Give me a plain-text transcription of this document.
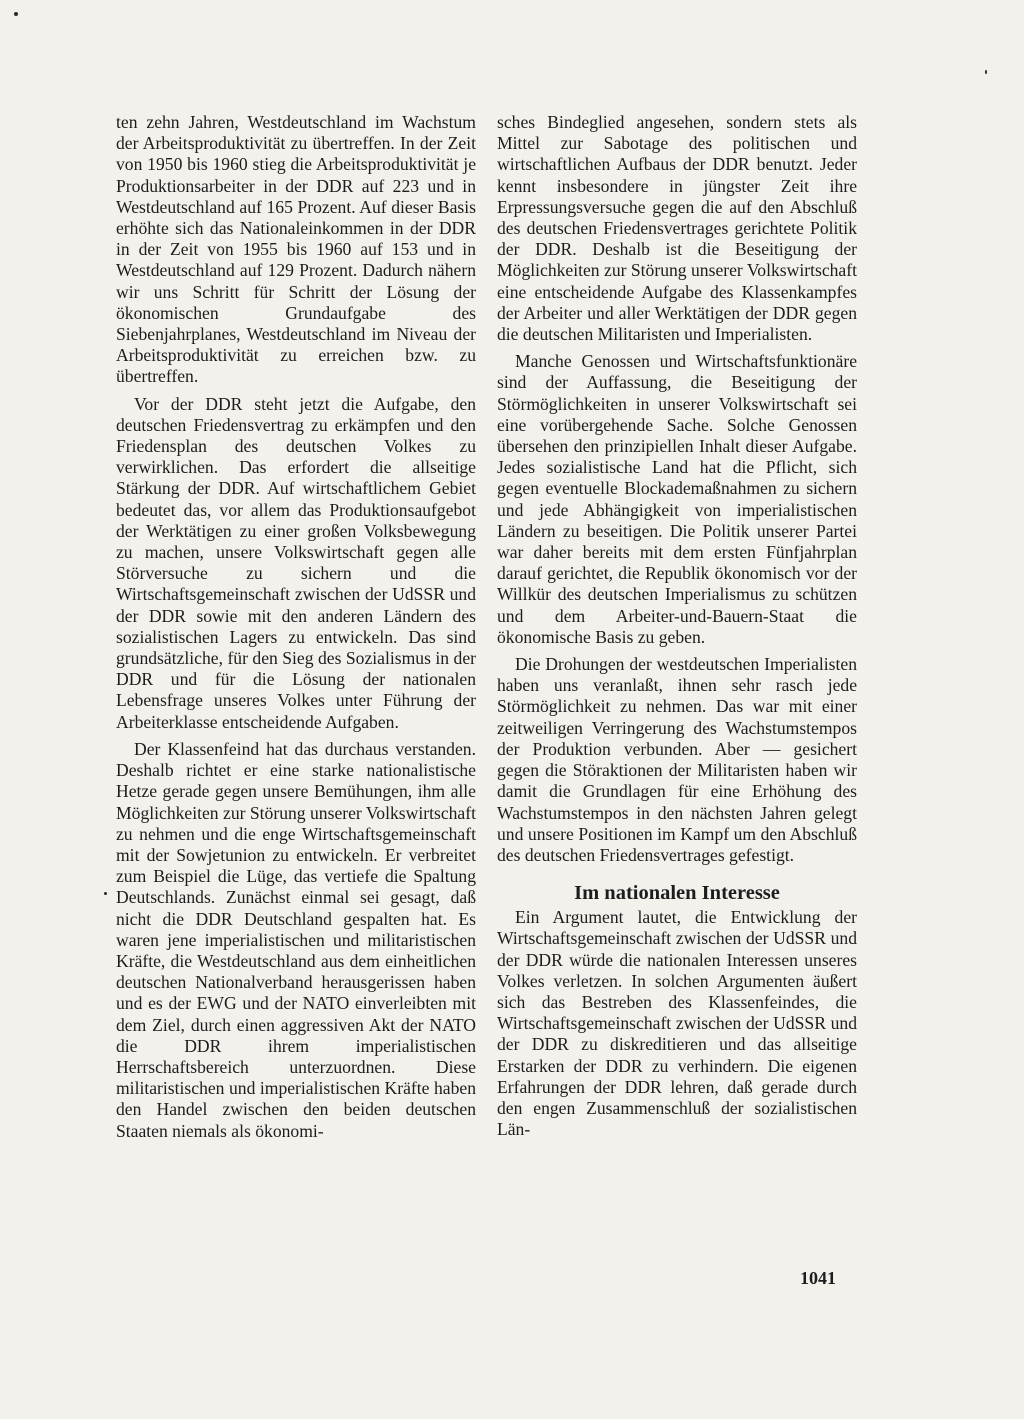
ten zehn Jahren, Westdeutschland im Wachstum der Arbeitsproduktivität zu übertreffen. In der Zeit von 1950 bis 1960 stieg die Arbeitsproduktivität je Produktionsarbeiter in der DDR auf 223 und in Westdeutschland auf 165 Prozent. Auf dieser Basis erhöhte sich das Nationaleinkommen in der DDR in der Zeit von 1955 bis 1960 auf 153 und in Westdeutschland auf 129 Prozent. Dadurch nähern wir uns Schritt für Schritt der Lösung der ökonomischen Grundaufgabe des Siebenjahrplanes, Westdeutschland im Niveau der Arbeitsproduktivität zu erreichen bzw. zu übertreffen.

Vor der DDR steht jetzt die Aufgabe, den deutschen Friedensvertrag zu erkämpfen und den Friedensplan des deutschen Volkes zu verwirklichen. Das erfordert die allseitige Stärkung der DDR. Auf wirtschaftlichem Gebiet bedeutet das, vor allem das Produktionsaufgebot der Werktätigen zu einer großen Volksbewegung zu machen, unsere Volkswirtschaft gegen alle Störversuche zu sichern und die Wirtschaftsgemeinschaft zwischen der UdSSR und der DDR sowie mit den anderen Ländern des sozialistischen Lagers zu entwickeln. Das sind grundsätzliche, für den Sieg des Sozialismus in der DDR und für die Lösung der nationalen Lebensfrage unseres Volkes unter Führung der Arbeiterklasse entscheidende Aufgaben.

Der Klassenfeind hat das durchaus verstanden. Deshalb richtet er eine starke nationalistische Hetze gerade gegen unsere Bemühungen, ihm alle Möglichkeiten zur Störung unserer Volkswirtschaft zu nehmen und die enge Wirtschaftsgemeinschaft mit der Sowjetunion zu entwickeln. Er verbreitet zum Beispiel die Lüge, das vertiefe die Spaltung Deutschlands. Zunächst einmal sei gesagt, daß nicht die DDR Deutschland gespalten hat. Es waren jene imperialistischen und militaristischen Kräfte, die Westdeutschland aus dem einheitlichen deutschen Nationalverband herausgerissen haben und es der EWG und der NATO einverleibten mit dem Ziel, durch einen aggressiven Akt der NATO die DDR ihrem imperialistischen Herrschaftsbereich unterzuordnen. Diese militaristischen und imperialistischen Kräfte haben den Handel zwischen den beiden deutschen Staaten niemals als ökonomi-

sches Bindeglied angesehen, sondern stets als Mittel zur Sabotage des politischen und wirtschaftlichen Aufbaus der DDR benutzt. Jeder kennt insbesondere in jüngster Zeit ihre Erpressungsversuche gegen die auf den Abschluß des deutschen Friedensvertrages gerichtete Politik der DDR. Deshalb ist die Beseitigung der Möglichkeiten zur Störung unserer Volkswirtschaft eine entscheidende Aufgabe des Klassenkampfes der Arbeiter und aller Werktätigen der DDR gegen die deutschen Militaristen und Imperialisten.

Manche Genossen und Wirtschaftsfunktionäre sind der Auffassung, die Beseitigung der Störmöglichkeiten in unserer Volkswirtschaft sei eine vorübergehende Sache. Solche Genossen übersehen den prinzipiellen Inhalt dieser Aufgabe. Jedes sozialistische Land hat die Pflicht, sich gegen eventuelle Blockademaßnahmen zu sichern und jede Abhängigkeit von imperialistischen Ländern zu beseitigen. Die Politik unserer Partei war daher bereits mit dem ersten Fünfjahrplan darauf gerichtet, die Republik ökonomisch vor der Willkür des deutschen Imperialismus zu schützen und dem Arbeiter-und-Bauern-Staat die ökonomische Basis zu geben.

Die Drohungen der westdeutschen Imperialisten haben uns veranlaßt, ihnen sehr rasch jede Störmöglichkeit zu nehmen. Das war mit einer zeitweiligen Verringerung des Wachstumstempos der Produktion verbunden. Aber — gesichert gegen die Störaktionen der Militaristen haben wir damit die Grundlagen für eine Erhöhung des Wachstumstempos in den nächsten Jahren gelegt und unsere Positionen im Kampf um den Abschluß des deutschen Friedensvertrages gefestigt.

Im nationalen Interesse

Ein Argument lautet, die Entwicklung der Wirtschaftsgemeinschaft zwischen der UdSSR und der DDR würde die nationalen Interessen unseres Volkes verletzen. In solchen Argumenten äußert sich das Bestreben des Klassenfeindes, die Wirtschaftsgemeinschaft zwischen der UdSSR und der DDR zu diskreditieren und das allseitige Erstarken der DDR zu verhindern. Die eigenen Erfahrungen der DDR lehren, daß gerade durch den engen Zusammenschluß der sozialistischen Län-

1041
